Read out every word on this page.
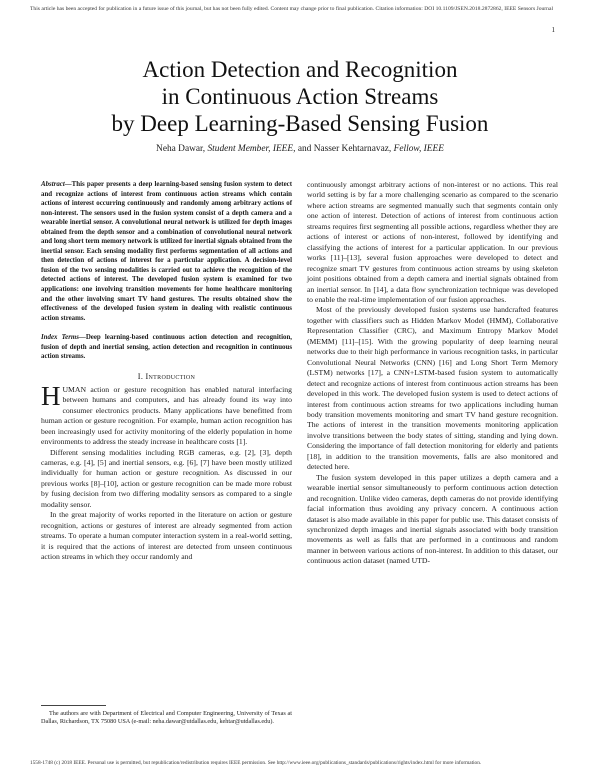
This article has been accepted for publication in a future issue of this journal, but has not been fully edited. Content may change prior to final publication. Citation information: DOI 10.1109/JSEN.2018.2872862, IEEE Sensors Journal
1
Action Detection and Recognition
in Continuous Action Streams
by Deep Learning-Based Sensing Fusion
Neha Dawar, Student Member, IEEE, and Nasser Kehtarnavaz, Fellow, IEEE

Abstract—This paper presents a deep learning-based sensing fusion system to detect and recognize actions of interest from continuous action streams which contain actions of interest occurring continuously and randomly among arbitrary actions of non-interest. The sensors used in the fusion system consist of a depth camera and a wearable inertial sensor. A convolutional neural network is utilized for depth images obtained from the depth sensor and a combination of convolutional neural network and long short term memory network is utilized for inertial signals obtained from the inertial sensor. Each sensing modality first performs segmentation of all actions and then detection of actions of interest for a particular application. A decision-level fusion of the two sensing modalities is carried out to achieve the recognition of the detected actions of interest. The developed fusion system is examined for two applications: one involving transition movements for home healthcare monitoring and the other involving smart TV hand gestures. The results obtained show the effectiveness of the developed fusion system in dealing with realistic continuous action streams.

Index Terms—Deep learning-based continuous action detection and recognition, fusion of depth and inertial sensing, action detection and recognition in continuous action streams.

I. Introduction

HUMAN action or gesture recognition has enabled natural interfacing between humans and computers, and has already found its way into consumer electronics products. Many applications have benefitted from human action or gesture recognition. For example, human action recognition has been increasingly used for activity monitoring of the elderly population in home environments to address the steady increase in healthcare costs [1].

Different sensing modalities including RGB cameras, e.g. [2], [3], depth cameras, e.g. [4], [5] and inertial sensors, e.g. [6], [7] have been mostly utilized individually for human action or gesture recognition. As discussed in our previous works [8]–[10], action or gesture recognition can be made more robust by fusing decision from two differing modality sensors as compared to a single modality sensor.

In the great majority of works reported in the literature on action or gesture recognition, actions or gestures of interest are already segmented from action streams. To operate a human computer interaction system in a real-world setting, it is required that the actions of interest are detected from unseen continuous action streams in which they occur randomly and

continuously amongst arbitrary actions of non-interest or no actions. This real world setting is by far a more challenging scenario as compared to the scenario where action streams are segmented manually such that segments contain only one action of interest. Detection of actions of interest from continuous action streams requires first segmenting all possible actions, regardless whether they are actions of interest or actions of non-interest, followed by identifying and classifying the actions of interest for a particular application. In our previous works [11]–[13], several fusion approaches were developed to detect and recognize smart TV gestures from continuous action streams by using skeleton joint positions obtained from a depth camera and inertial signals obtained from an inertial sensor. In [14], a data flow synchronization technique was developed to enable the real-time implementation of our fusion approaches.

Most of the previously developed fusion systems use handcrafted features together with classifiers such as Hidden Markov Model (HMM), Collaborative Representation Classifier (CRC), and Maximum Entropy Markov Model (MEMM) [11]–[15]. With the growing popularity of deep learning neural networks due to their high performance in various recognition tasks, in particular Convolutional Neural Networks (CNN) [16] and Long Short Term Memory (LSTM) networks [17], a CNN+LSTM-based fusion system to automatically detect and recognize actions of interest from continuous action streams has been developed in this work. The developed fusion system is used to detect actions of interest from continuous action streams for two applications including human body transition movements monitoring and smart TV hand gesture recognition. The actions of interest in the transition movements monitoring application involve transitions between the body states of sitting, standing and lying down. Considering the importance of fall detection monitoring for elderly and patients [18], in addition to the transition movements, falls are also monitored and detected here.

The fusion system developed in this paper utilizes a depth camera and a wearable inertial sensor simultaneously to perform continuous action detection and recognition. Unlike video cameras, depth cameras do not provide identifying facial information thus avoiding any privacy concern. A continuous action dataset is also made available in this paper for public use. This dataset consists of synchronized depth images and inertial signals associated with body transition movements as well as falls that are performed in a continuous and random manner in between various actions of non-interest. In addition to this dataset, our continuous action dataset (named UTD-

The authors are with Department of Electrical and Computer Engineering, University of Texas at Dallas, Richardson, TX 75080 USA (e-mail: neha.dawar@utdallas.edu, kehtar@utdallas.edu).

1558-1748 (c) 2018 IEEE. Personal use is permitted, but republication/redistribution requires IEEE permission. See http://www.ieee.org/publications_standards/publications/rights/index.html for more information.
